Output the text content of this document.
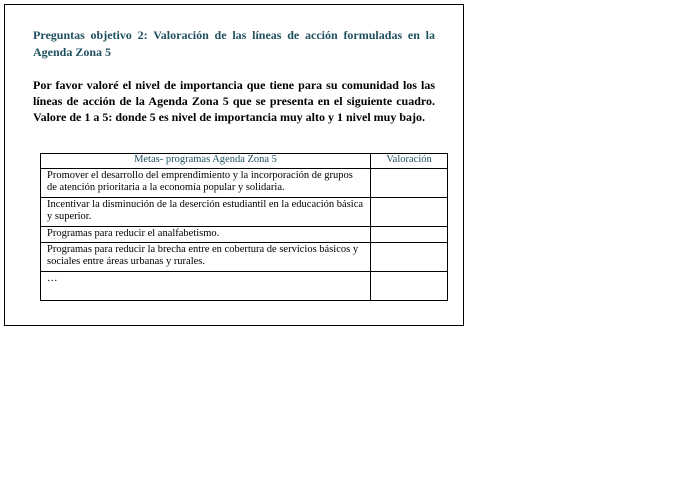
Preguntas objetivo 2: Valoración de las líneas de acción formuladas en la Agenda Zona 5

Por favor valoré el nivel de importancia que tiene para su comunidad los las líneas de acción de la Agenda Zona 5 que se presenta en el siguiente cuadro. Valore de 1 a 5: donde 5 es nivel de importancia muy alto y 1 nivel muy bajo.

Metas- programas Agenda Zona 5	Valoración
Promover el desarrollo del emprendimiento y la incorporación de grupos de atención prioritaria a la economía popular y solidaria.	
Incentivar la disminución de la deserción estudiantil en la educación básica y superior.	
Programas para reducir el analfabetismo.	
Programas para reducir la brecha entre en cobertura de servicios básicos y sociales entre áreas urbanas y rurales.	
…	
